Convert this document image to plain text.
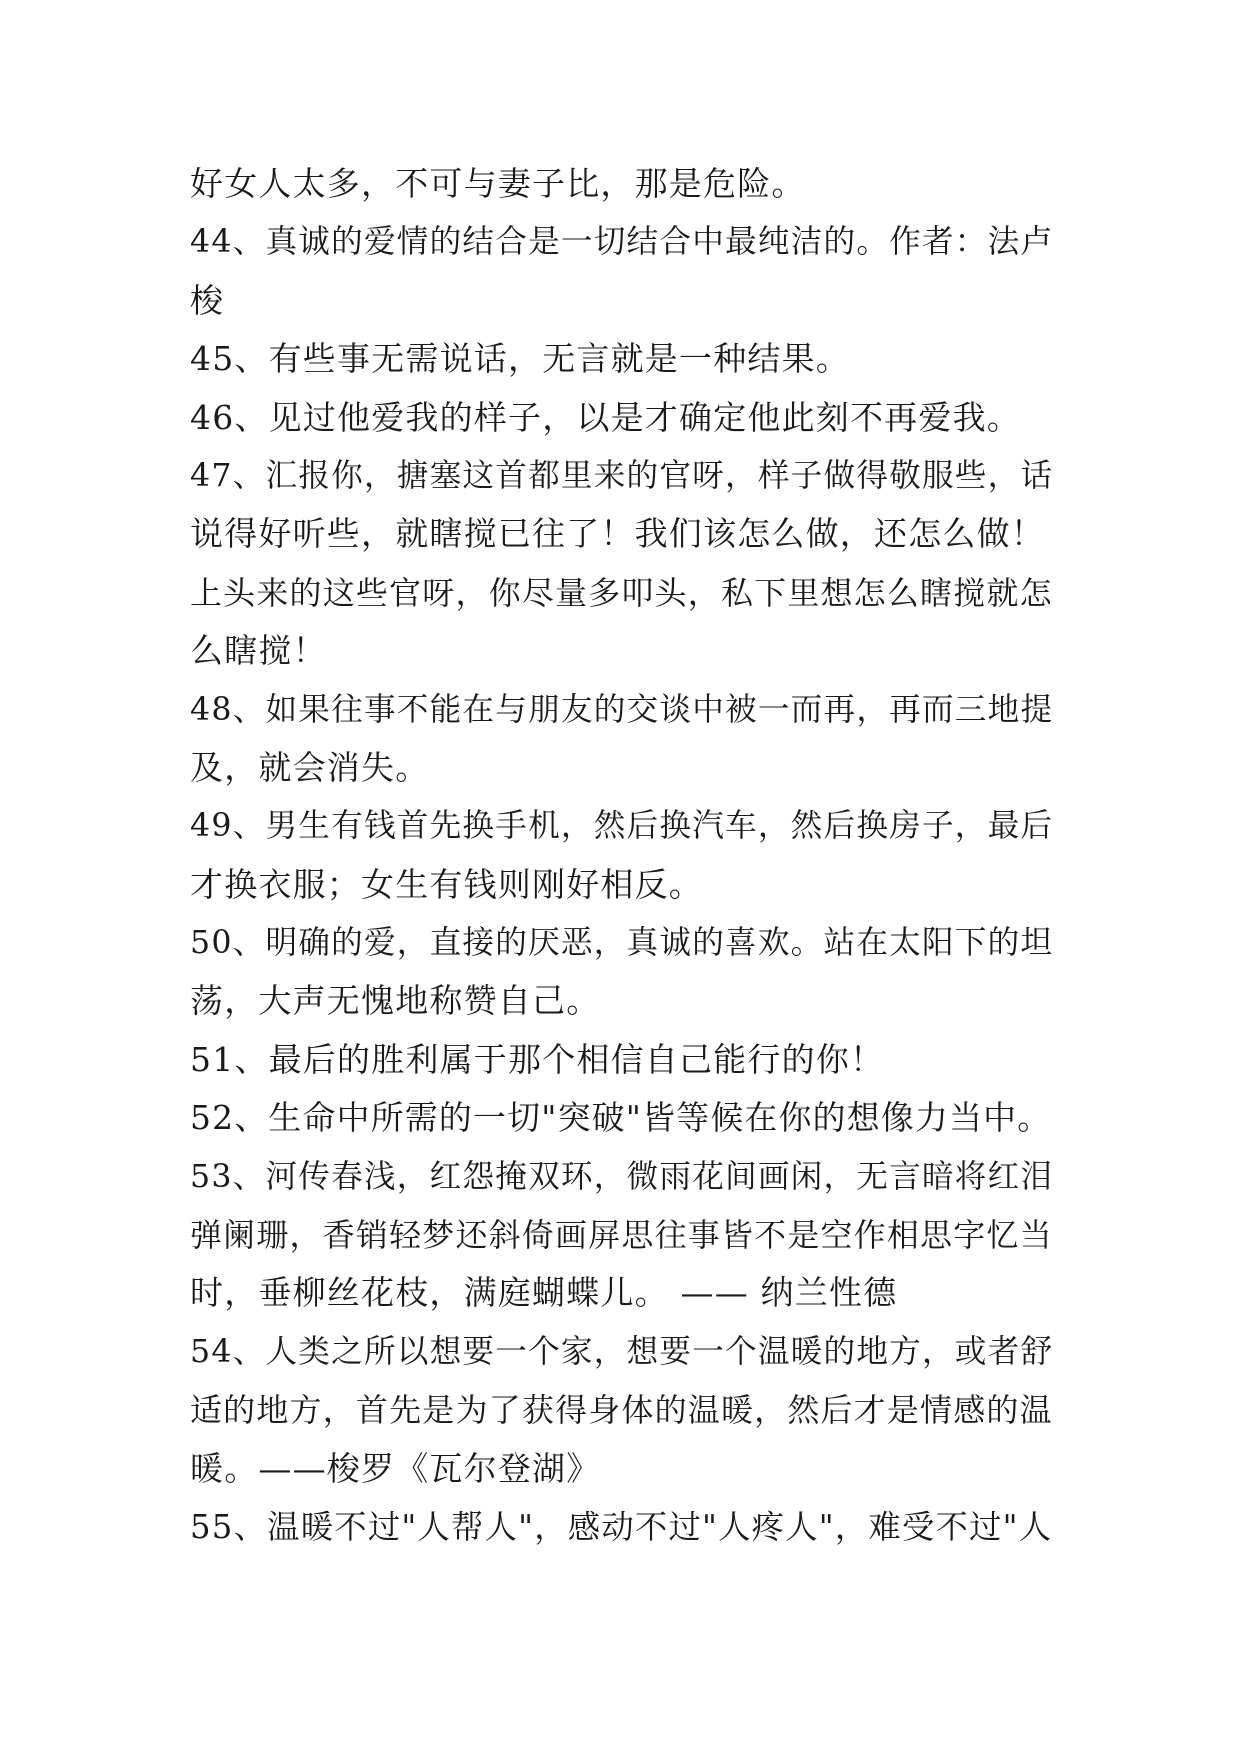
好女人太多，不可与妻子比，那是危险。
44、真诚的爱情的结合是一切结合中最纯洁的。作者：法卢
梭
45、有些事无需说话，无言就是一种结果。
46、见过他爱我的样子，以是才确定他此刻不再爱我。
47、汇报你，搪塞这首都里来的官呀，样子做得敬服些，话
说得好听些，就瞎搅已往了！我们该怎么做，还怎么做！
上头来的这些官呀，你尽量多叩头，私下里想怎么瞎搅就怎
么瞎搅！
48、如果往事不能在与朋友的交谈中被一而再，再而三地提
及，就会消失。
49、男生有钱首先换手机，然后换汽车，然后换房子，最后
才换衣服；女生有钱则刚好相反。
50、明确的爱，直接的厌恶，真诚的喜欢。站在太阳下的坦
荡，大声无愧地称赞自己。
51、最后的胜利属于那个相信自己能行的你！
52、生命中所需的一切"突破"皆等候在你的想像力当中。
53、河传春浅，红怨掩双环，微雨花间画闲，无言暗将红泪
弹阑珊，香销轻梦还斜倚画屏思往事皆不是空作相思字忆当
时，垂柳丝花枝，满庭蝴蝶儿。 —— 纳兰性德
54、人类之所以想要一个家，想要一个温暖的地方，或者舒
适的地方，首先是为了获得身体的温暖，然后才是情感的温
暖。——梭罗《瓦尔登湖》
55、温暖不过"人帮人"，感动不过"人疼人"，难受不过"人
